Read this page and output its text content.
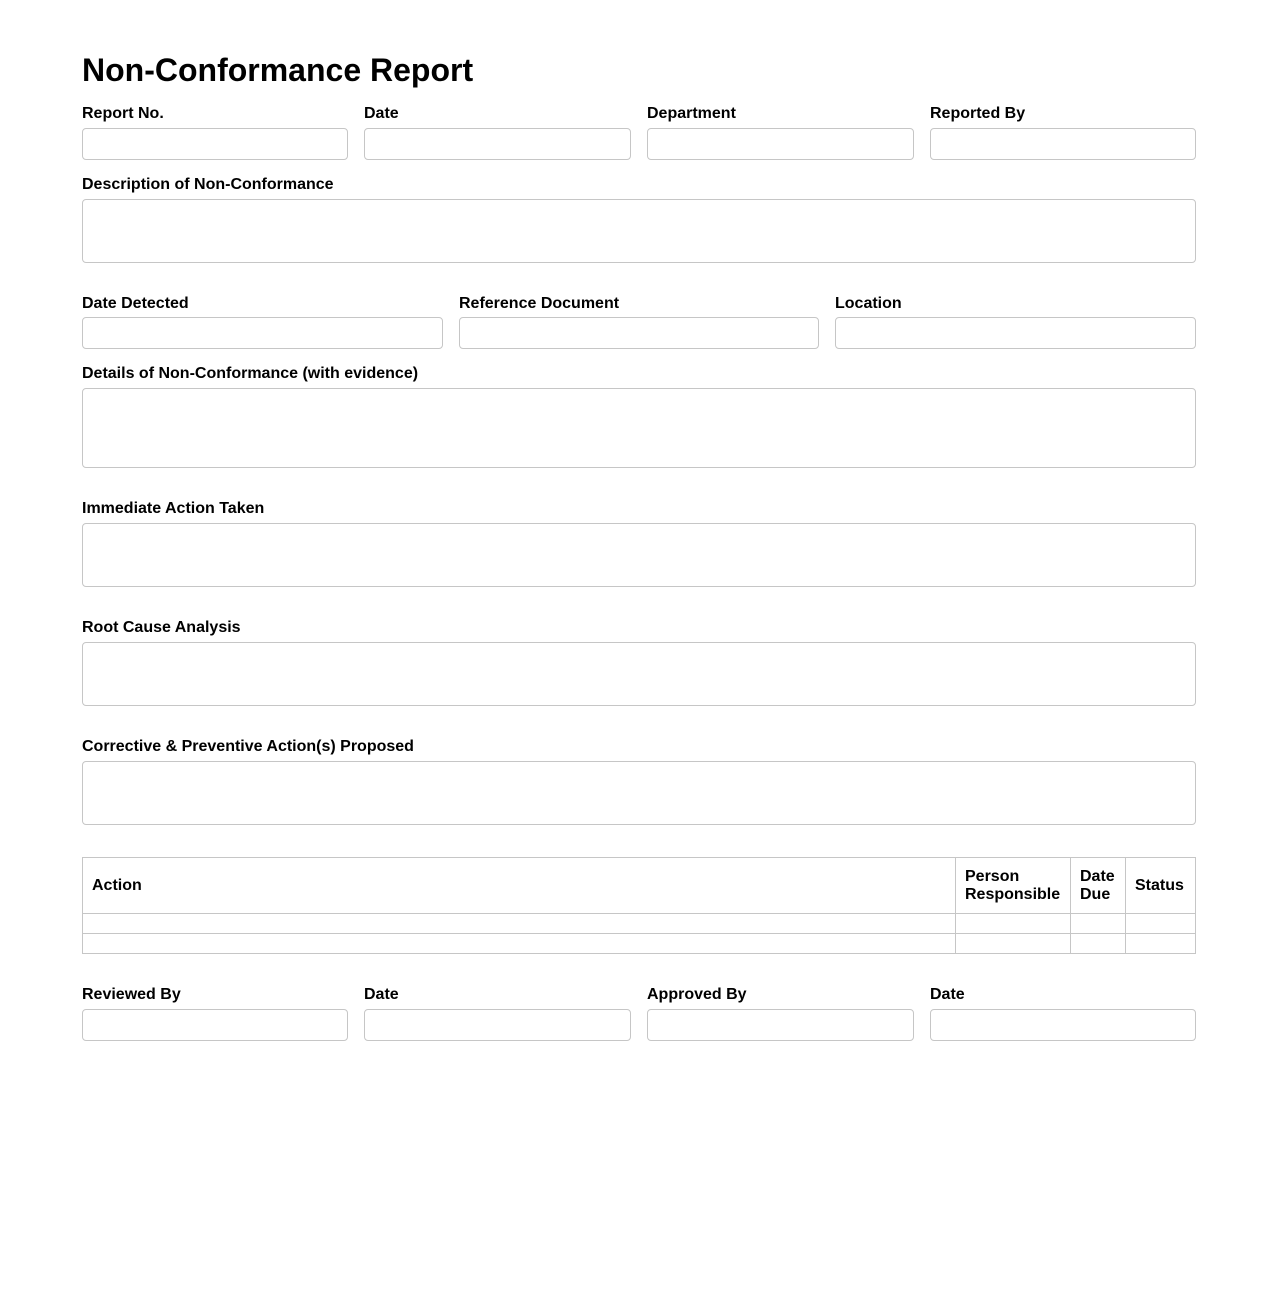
Non-Conformance Report
Report No.	Date	Department	Reported By
Description of Non-Conformance
Date Detected	Reference Document	Location
Details of Non-Conformance (with evidence)
Immediate Action Taken
Root Cause Analysis
Corrective & Preventive Action(s) Proposed
Action	Person Responsible	Date Due	Status

Reviewed By	Date	Approved By	Date
